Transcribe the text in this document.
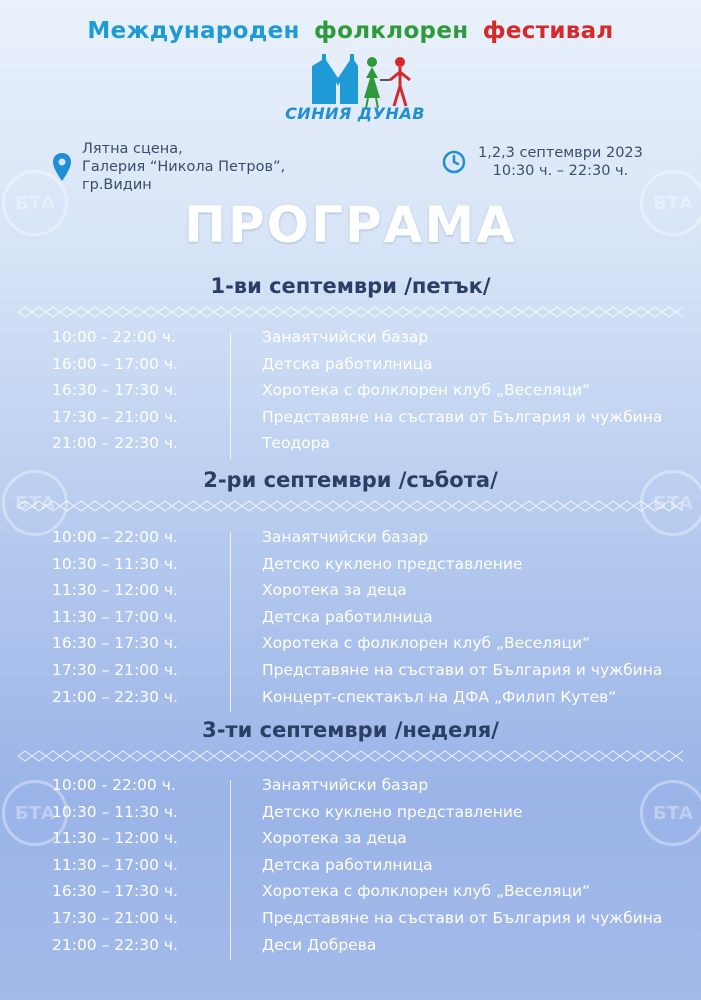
Международен фолклорен фестивал
СИНИЯ ДУНАВ
Лятна сцена,
Галерия “Никола Петров”,
гр.Видин
1,2,3 септември 2023
10:30 ч. – 22:30 ч.
ПРОГРАМА
1-ви септември /петък/
10:00 - 22:00 ч.	Занаятчийски базар
16:00 – 17:00 ч.	Детска работилница
16:30 – 17:30 ч.	Хоротека с фолклорен клуб „Веселяци“
17:30 – 21:00 ч.	Представяне на състави от България и чужбина
21:00 – 22:30 ч.	Теодора
2-ри септември /събота/
10:00 – 22:00 ч.	Занаятчийски базар
10:30 – 11:30 ч.	Детско куклено представление
11:30 – 12:00 ч.	Хоротека за деца
11:30 – 17:00 ч.	Детска работилница
16:30 – 17:30 ч.	Хоротека с фолклорен клуб „Веселяци“
17:30 – 21:00 ч.	Представяне на състави от България и чужбина
21:00 – 22:30 ч.	Концерт-спектакъл на ДФА „Филип Кутев“
3-ти септември /неделя/
10:00 - 22:00 ч.	Занаятчийски базар
10:30 – 11:30 ч.	Детско куклено представление
11:30 – 12:00 ч.	Хоротека за деца
11:30 – 17:00 ч.	Детска работилница
16:30 – 17:30 ч.	Хоротека с фолклорен клуб „Веселяци“
17:30 – 21:00 ч.	Представяне на състави от България и чужбина
21:00 – 22:30 ч.	Деси Добрева
БТА	БТА
БТА
БТА
БТА	БТА
